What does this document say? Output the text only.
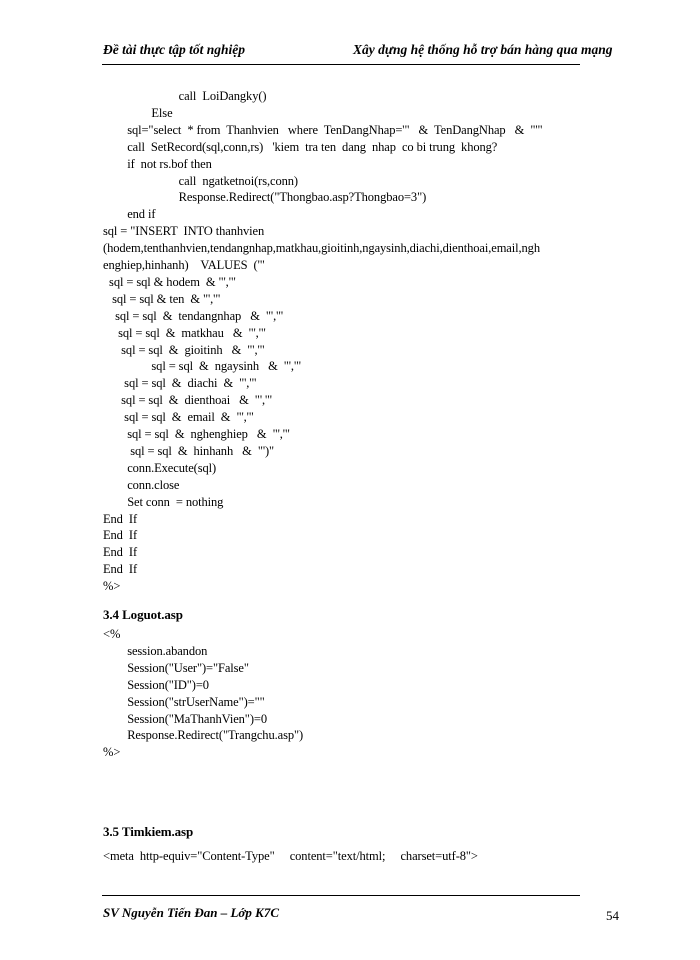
Đề tài thực tập tốt nghiệp	Xây dựng hệ thống hỗ trợ bán hàng qua mạng
call  LoiDangky()
Else
sql="select  * from  Thanhvien   where  TenDangNhap='"   &  TenDangNhap   &  "'"
call  SetRecord(sql,conn,rs)   'kiem  tra ten  dang  nhap  co bi trung  khong?
if  not rs.bof then
call  ngatketnoi(rs,conn)
Response.Redirect("Thongbao.asp?Thongbao=3")
end if
sql = "INSERT  INTO thanhvien
(hodem,tenthanhvien,tendangnhap,matkhau,gioitinh,ngaysinh,diachi,dienthoai,email,ngh
enghiep,hinhanh)    VALUES  ('"
sql = sql & hodem  & "','"
sql = sql & ten  & "','"
sql = sql  &  tendangnhap   &  "','"
sql = sql  &  matkhau   &  "','"
sql = sql  &  gioitinh   &  "','"
sql = sql  &  ngaysinh   &  "','"
sql = sql  &  diachi  &  "','"
sql = sql  &  dienthoai   &  "','"
sql = sql  &  email  &  "','"
sql = sql  &  nghenghiep   &  "','"
sql = sql  &  hinhanh   &  "')"
conn.Execute(sql)
conn.close
Set conn  = nothing
End  If
End  If
End  If
End  If
%>
3.4 Loguot.asp
<%
session.abandon
Session("User")="False"
Session("ID")=0
Session("strUserName")=""
Session("MaThanhVien")=0
Response.Redirect("Trangchu.asp")
%>
3.5 Timkiem.asp
<meta  http-equiv="Content-Type"     content="text/html;     charset=utf-8">
SV Nguyễn Tiến Đan – Lớp K7C	54
